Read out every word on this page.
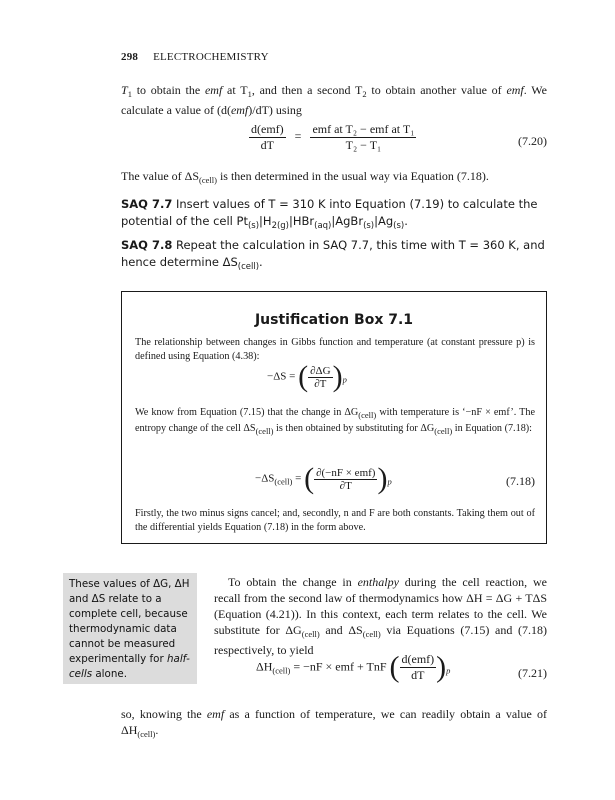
298 ELECTROCHEMISTRY
$T_1$ to obtain the emf at $T_1$, and then a second $T_2$ to obtain another value of emf. We calculate a value of (d(emf)/dT) using
$\frac{\text{d(emf)}}{dT} = \frac{\text{emf at T₂ − emf at T₁}}{\text{T₂ − T₁}}$	(7.20)
The value of $\Delta S_{(cell)}$ is then determined in the usual way via Equation (7.18).
SAQ 7.7 Insert values of T = 310 K into Equation (7.19) to calculate the potential of the cell $Pt_{(s)}|H_{2(g)}|HBr_{(aq)}|AgBr_{(s)}|Ag_{(s)}$.
SAQ 7.8 Repeat the calculation in SAQ 7.7, this time with T = 360 K, and hence determine $\Delta S_{(cell)}$.
Justification Box 7.1
The relationship between changes in Gibbs function and temperature (at constant pressure p) is defined using Equation (4.38):
−ΔS = ( $\frac{\partial\Delta G}{\partial T} )_p$
We know from Equation (7.15) that the change in $\Delta G_{(cell)}$ with temperature is ‘−nF × emf’. The entropy change of the cell $\Delta S_{(cell)}$ is then obtained by substituting for $\Delta G_{(cell)}$ in Equation (7.18):
$-\Delta S_{(cell)}$ = ( $\frac{\text{∂(−nF × emf)}}{\partial T} )_p$	(7.18)
Firstly, the two minus signs cancel; and, secondly, n and F are both constants. Taking them out of the differential yields Equation (7.18) in the form above.
These values of ΔG, ΔH and ΔS relate to a complete cell, because thermodynamic data cannot be measured experimentally for half-cells alone.
To obtain the change in enthalpy during the cell reaction, we recall from the second law of thermodynamics how ΔH = ΔG + TΔS (Equation (4.21)). In this context, each term relates to the cell. We substitute for $\Delta G_{(cell)}$ and $\Delta S_{(cell)}$ via Equations (7.15) and (7.18) respectively, to yield
$\Delta H_{(cell)} = -nF$ × emf + TnF ( $\frac{\text{d(emf)}}{dT} )_p$	(7.21)
so, knowing the emf as a function of temperature, we can readily obtain a value of $\Delta H_{(cell)}$.
